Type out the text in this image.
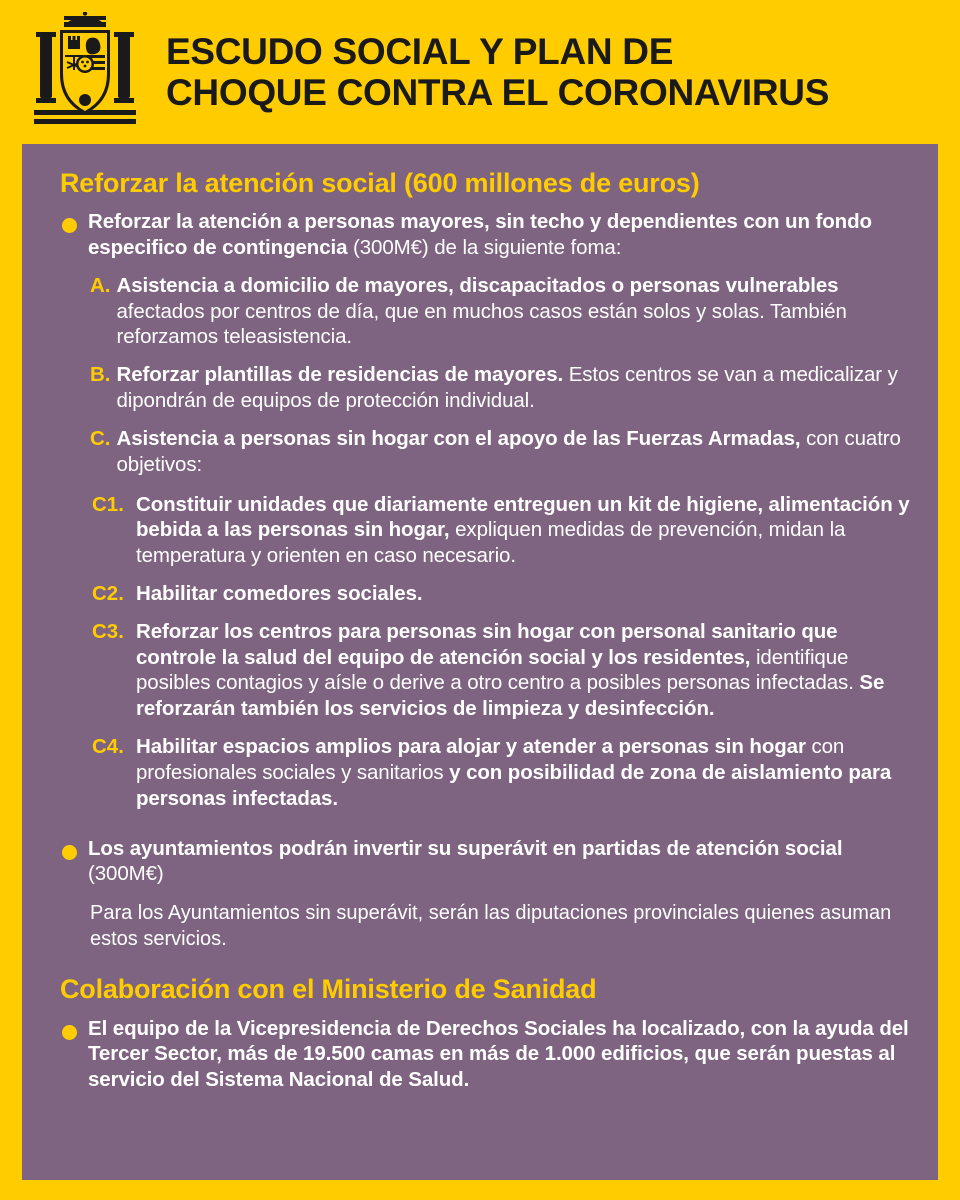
ESCUDO SOCIAL Y PLAN DE
CHOQUE CONTRA EL CORONAVIRUS
Reforzar la atención social (600 millones de euros)
Reforzar la atención a personas mayores, sin techo y dependientes con un fondo especifico de contingencia (300M€) de la siguiente foma:
A. Asistencia a domicilio de mayores, discapacitados o personas vulnerables afectados por centros de día, que en muchos casos están solos y solas. También reforzamos teleasistencia.
B. Reforzar plantillas de residencias de mayores. Estos centros se van a medicalizar y dipondrán de equipos de protección individual.
C. Asistencia a personas sin hogar con el apoyo de las Fuerzas Armadas, con cuatro objetivos:
C1. Constituir unidades que diariamente entreguen un kit de higiene, alimentación y bebida a las personas sin hogar, expliquen medidas de prevención, midan la temperatura y orienten en caso necesario.
C2. Habilitar comedores sociales.
C3. Reforzar los centros para personas sin hogar con personal sanitario que controle la salud del equipo de atención social y los residentes, identifique posibles contagios y aísle o derive a otro centro a posibles personas infectadas. Se reforzarán también los servicios de limpieza y desinfección.
C4. Habilitar espacios amplios para alojar y atender a personas sin hogar con profesionales sociales y sanitarios y con posibilidad de zona de aislamiento para personas infectadas.
Los ayuntamientos podrán invertir su superávit en partidas de atención social (300M€)
Para los Ayuntamientos sin superávit, serán las diputaciones provinciales quienes asuman estos servicios.
Colaboración con el Ministerio de Sanidad
El equipo de la Vicepresidencia de Derechos Sociales ha localizado, con la ayuda del Tercer Sector, más de 19.500 camas en más de 1.000 edificios, que serán puestas al servicio del Sistema Nacional de Salud.
